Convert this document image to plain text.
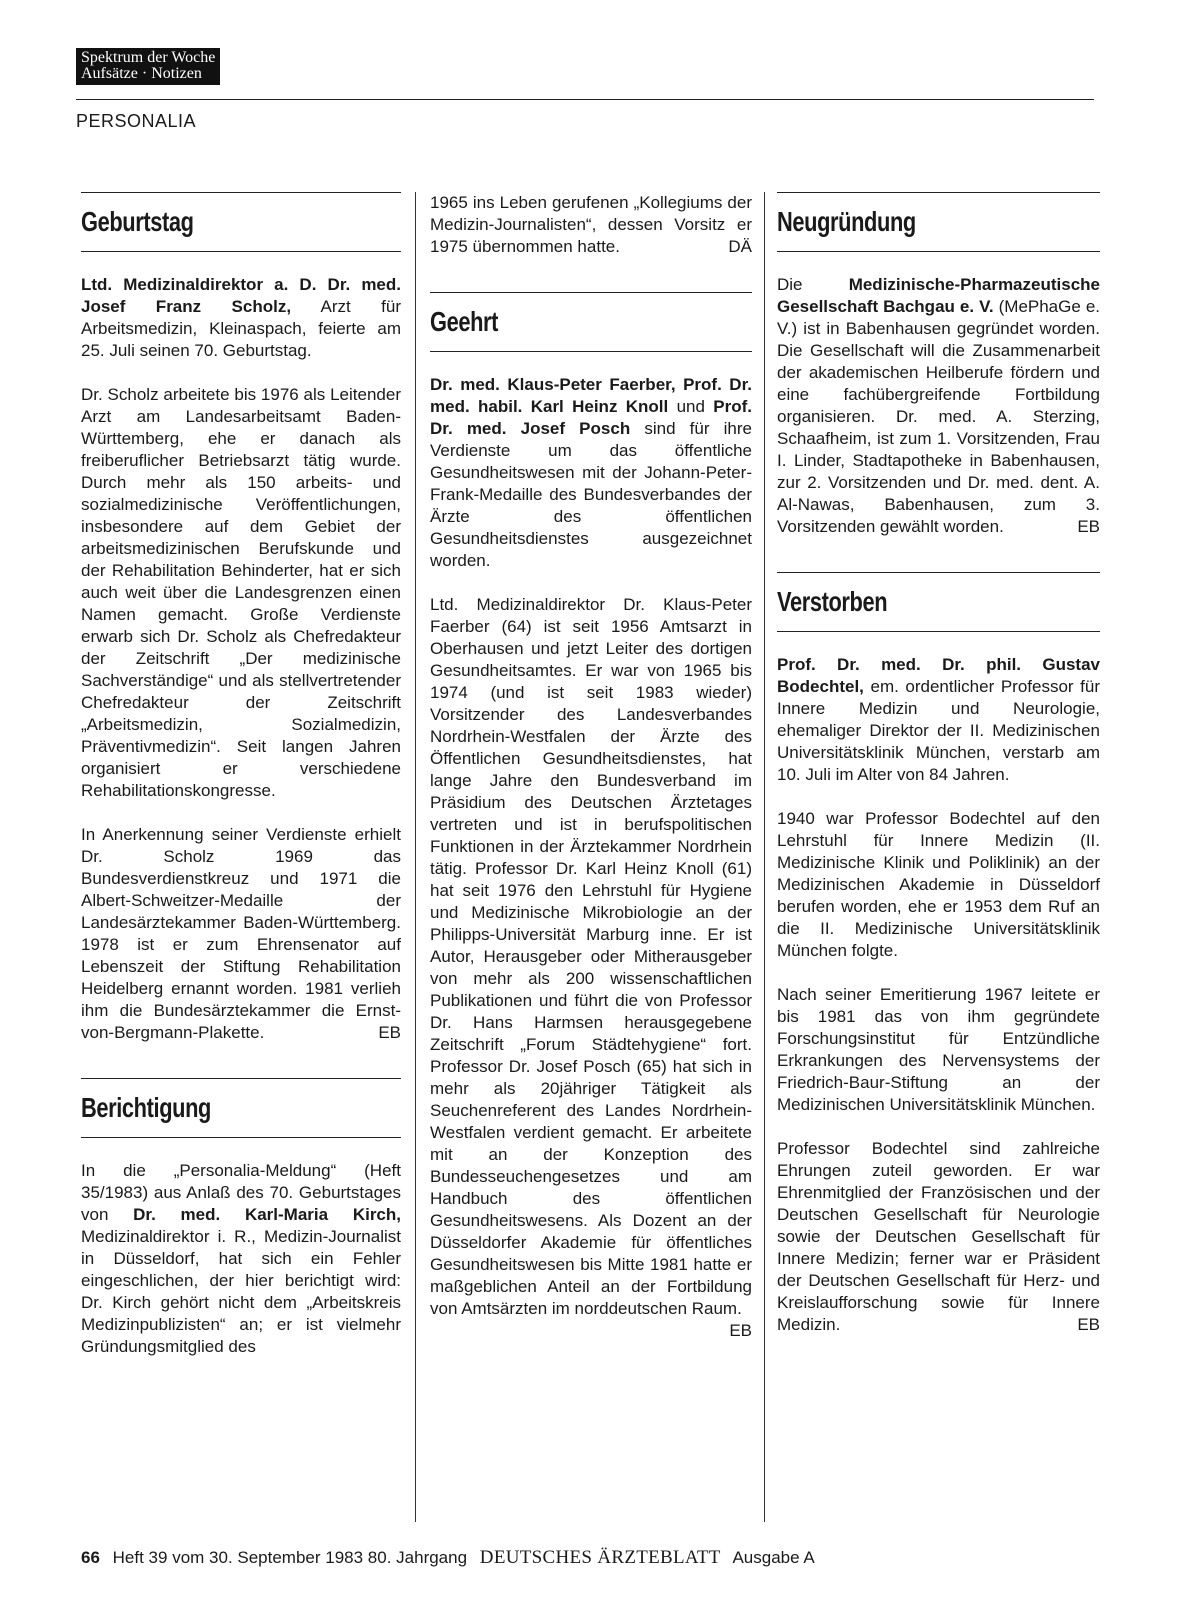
Spektrum der Woche
Aufsätze · Notizen
PERSONALIA
Geburtstag

Ltd. Medizinaldirektor a. D. Dr. med. Josef Franz Scholz, Arzt für Arbeitsmedizin, Kleinaspach, feierte am 25. Juli seinen 70. Geburtstag.

Dr. Scholz arbeitete bis 1976 als Leitender Arzt am Landesarbeitsamt Baden-Württemberg, ehe er danach als freiberuflicher Betriebsarzt tätig wurde. Durch mehr als 150 arbeits- und sozialmedizinische Veröffentlichungen, insbesondere auf dem Gebiet der arbeitsmedizinischen Berufskunde und der Rehabilitation Behinderter, hat er sich auch weit über die Landesgrenzen einen Namen gemacht. Große Verdienste erwarb sich Dr. Scholz als Chefredakteur der Zeitschrift „Der medizinische Sachverständige“ und als stellvertretender Chefredakteur der Zeitschrift „Arbeitsmedizin, Sozialmedizin, Präventivmedizin“. Seit langen Jahren organisiert er verschiedene Rehabilitationskongresse.

In Anerkennung seiner Verdienste erhielt Dr. Scholz 1969 das Bundesverdienstkreuz und 1971 die Albert-Schweitzer-Medaille der Landesärztekammer Baden-Württemberg. 1978 ist er zum Ehrensenator auf Lebenszeit der Stiftung Rehabilitation Heidelberg ernannt worden. 1981 verlieh ihm die Bundesärztekammer die Ernst-von-Bergmann-Plakette.	EB

Berichtigung

In die „Personalia-Meldung“ (Heft 35/1983) aus Anlaß des 70. Geburtstages von Dr. med. Karl-Maria Kirch, Medizinaldirektor i. R., Medizin-Journalist in Düsseldorf, hat sich ein Fehler eingeschlichen, der hier berichtigt wird: Dr. Kirch gehört nicht dem „Arbeitskreis Medizinpublizisten“ an; er ist vielmehr Gründungsmitglied des

1965 ins Leben gerufenen „Kollegiums der Medizin-Journalisten“, dessen Vorsitz er 1975 übernommen hatte.	DÄ

Geehrt

Dr. med. Klaus-Peter Faerber, Prof. Dr. med. habil. Karl Heinz Knoll und Prof. Dr. med. Josef Posch sind für ihre Verdienste um das öffentliche Gesundheitswesen mit der Johann-Peter-Frank-Medaille des Bundesverbandes der Ärzte des öffentlichen Gesundheitsdienstes ausgezeichnet worden.

Ltd. Medizinaldirektor Dr. Klaus-Peter Faerber (64) ist seit 1956 Amtsarzt in Oberhausen und jetzt Leiter des dortigen Gesundheitsamtes. Er war von 1965 bis 1974 (und ist seit 1983 wieder) Vorsitzender des Landesverbandes Nordrhein-Westfalen der Ärzte des Öffentlichen Gesundheitsdienstes, hat lange Jahre den Bundesverband im Präsidium des Deutschen Ärztetages vertreten und ist in berufspolitischen Funktionen in der Ärztekammer Nordrhein tätig. Professor Dr. Karl Heinz Knoll (61) hat seit 1976 den Lehrstuhl für Hygiene und Medizinische Mikrobiologie an der Philipps-Universität Marburg inne. Er ist Autor, Herausgeber oder Mitherausgeber von mehr als 200 wissenschaftlichen Publikationen und führt die von Professor Dr. Hans Harmsen herausgegebene Zeitschrift „Forum Städtehygiene“ fort. Professor Dr. Josef Posch (65) hat sich in mehr als 20jähriger Tätigkeit als Seuchenreferent des Landes Nordrhein-Westfalen verdient gemacht. Er arbeitete mit an der Konzeption des Bundesseuchengesetzes und am Handbuch des öffentlichen Gesundheitswesens. Als Dozent an der Düsseldorfer Akademie für öffentliches Gesundheitswesen bis Mitte 1981 hatte er maßgeblichen Anteil an der Fortbildung von Amtsärzten im norddeutschen Raum.
EB

Neugründung

Die Medizinische-Pharmazeutische Gesellschaft Bachgau e. V. (MePhaGe e. V.) ist in Babenhausen gegründet worden. Die Gesellschaft will die Zusammenarbeit der akademischen Heilberufe fördern und eine fachübergreifende Fortbildung organisieren. Dr. med. A. Sterzing, Schaafheim, ist zum 1. Vorsitzenden, Frau I. Linder, Stadtapotheke in Babenhausen, zur 2. Vorsitzenden und Dr. med. dent. A. Al-Nawas, Babenhausen, zum 3. Vorsitzenden gewählt worden.	EB

Verstorben

Prof. Dr. med. Dr. phil. Gustav Bodechtel, em. ordentlicher Professor für Innere Medizin und Neurologie, ehemaliger Direktor der II. Medizinischen Universitätsklinik München, verstarb am 10. Juli im Alter von 84 Jahren.

1940 war Professor Bodechtel auf den Lehrstuhl für Innere Medizin (II. Medizinische Klinik und Poliklinik) an der Medizinischen Akademie in Düsseldorf berufen worden, ehe er 1953 dem Ruf an die II. Medizinische Universitätsklinik München folgte.

Nach seiner Emeritierung 1967 leitete er bis 1981 das von ihm gegründete Forschungsinstitut für Entzündliche Erkrankungen des Nervensystems der Friedrich-Baur-Stiftung an der Medizinischen Universitätsklinik München.

Professor Bodechtel sind zahlreiche Ehrungen zuteil geworden. Er war Ehrenmitglied der Französischen und der Deutschen Gesellschaft für Neurologie sowie der Deutschen Gesellschaft für Innere Medizin; ferner war er Präsident der Deutschen Gesellschaft für Herz- und Kreislaufforschung sowie für Innere Medizin.	EB

66 Heft 39 vom 30. September 1983 80. Jahrgang DEUTSCHES ÄRZTEBLATT Ausgabe A
